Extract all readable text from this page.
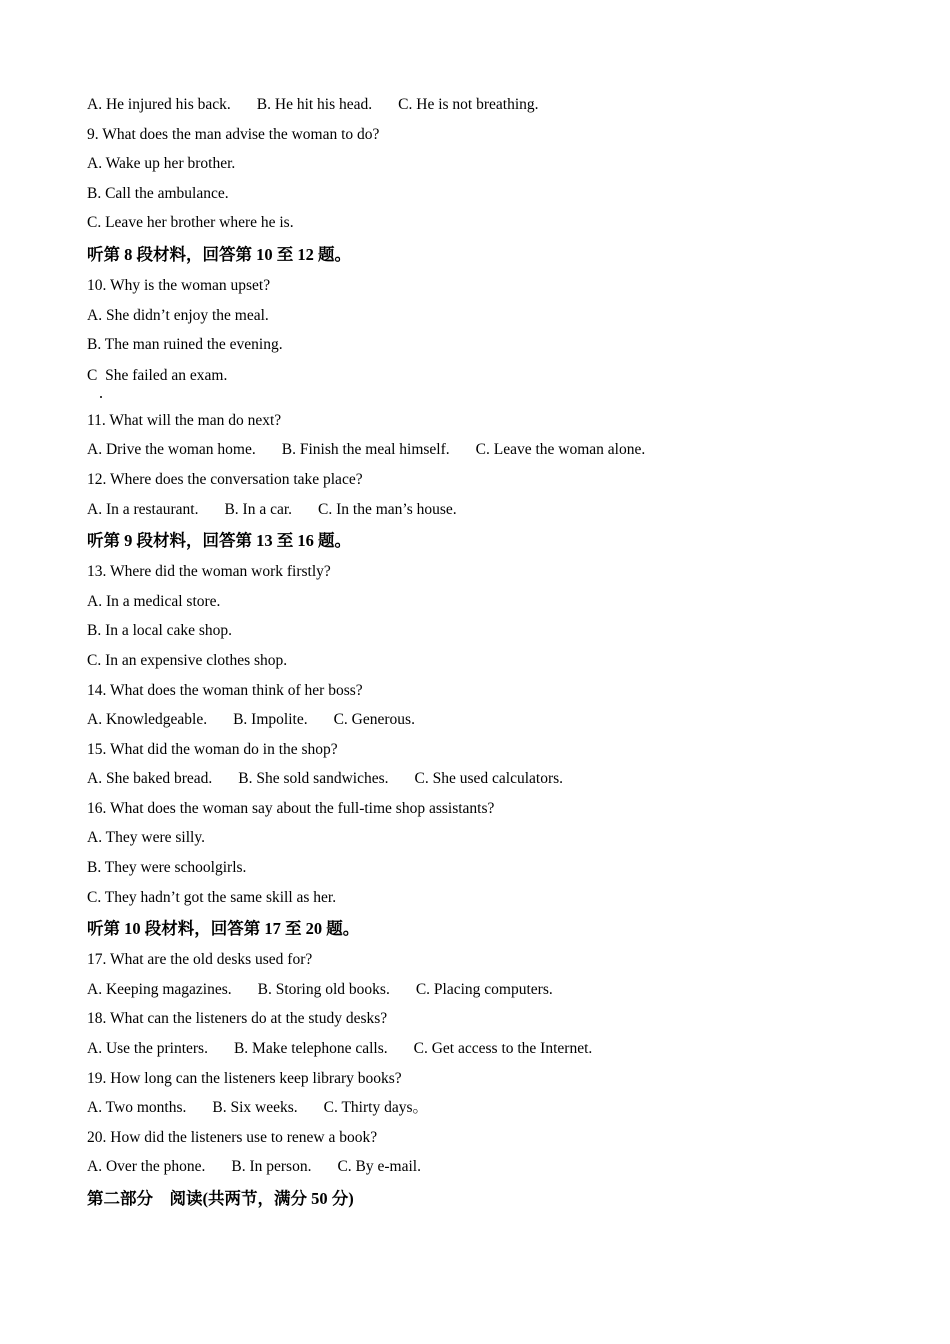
A. He injured his back. B. He hit his head. C. He is not breathing.
9. What does the man advise the woman to do?
A. Wake up her brother.
B. Call the ambulance.
C. Leave her brother where he is.
听第 8 段材料，回答第 10 至 12 题。
10. Why is the woman upset?
A. She didn’t enjoy the meal.
B. The man ruined the evening.
C  She failed an exam.
11. What will the man do next?
A. Drive the woman home. B. Finish the meal himself. C. Leave the woman alone.
12. Where does the conversation take place?
A. In a restaurant. B. In a car. C. In the man’s house.
听第 9 段材料，回答第 13 至 16 题。
13. Where did the woman work firstly?
A. In a medical store.
B. In a local cake shop.
C. In an expensive clothes shop.
14. What does the woman think of her boss?
A. Knowledgeable. B. Impolite. C. Generous.
15. What did the woman do in the shop?
A. She baked bread. B. She sold sandwiches. C. She used calculators.
16. What does the woman say about the full-time shop assistants?
A. They were silly.
B. They were schoolgirls.
C. They hadn’t got the same skill as her.
听第 10 段材料，回答第 17 至 20 题。
17. What are the old desks used for?
A. Keeping magazines. B. Storing old books. C. Placing computers.
18. What can the listeners do at the study desks?
A. Use the printers. B. Make telephone calls. C. Get access to the Internet.
19. How long can the listeners keep library books?
A. Two months. B. Six weeks. C. Thirty days。
20. How did the listeners use to renew a book?
A. Over the phone. B. In person. C. By e-mail.
第二部分　阅读(共两节，满分 50 分)
